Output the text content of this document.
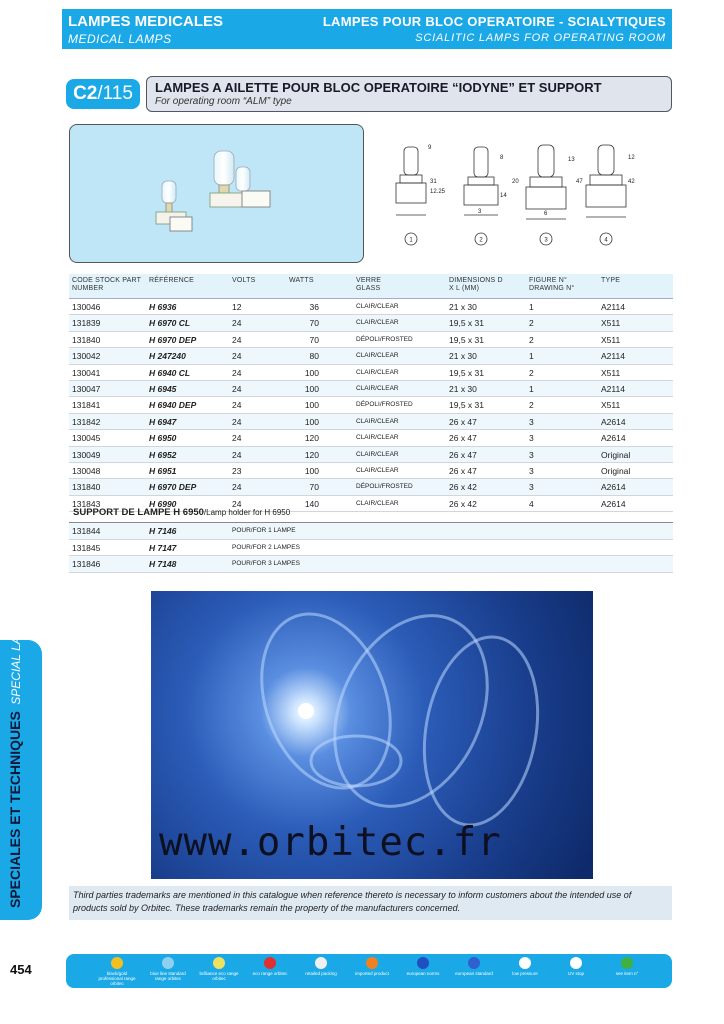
LAMPES MEDICALES
MEDICAL LAMPS
LAMPES POUR BLOC OPERATOIRE - SCIALYTIQUES
SCIALITIC LAMPS FOR OPERATING ROOM
C2/115	LAMPES A AILETTE POUR BLOC OPERATOIRE “IODYNE” ET SUPPORT
For operating room “ALM” type
1	2	3	4
9
31
12.25
8
14
3
20
13
47
12
42
6
CODE STOCK PART NUMBER
RÉFÉRENCE	VOLTS	WATTS	VERRE GLASS
DIMENSIONS D X L (MM)
FIGURE N° DRAWING N°
TYPE
130046	H 6936	12	36	CLAIR/CLEAR	21 x 30	1	A2114
131839	H 6970 CL	24	70	CLAIR/CLEAR	19,5 x 31	2	X511
131840	H 6970 DEP	24	70	DÉPOLI/FROSTED	19,5 x 31	2	X511
130042	H 247240	24	80	CLAIR/CLEAR	21 x 30	1	A2114
130041	H 6940 CL	24	100	CLAIR/CLEAR	19,5 x 31	2	X511
130047	H 6945	24	100	CLAIR/CLEAR	21 x 30	1	A2114
131841	H 6940 DEP	24	100	DÉPOLI/FROSTED	19,5 x 31	2	X511
131842	H 6947	24	100	CLAIR/CLEAR	26 x 47	3	A2614
130045	H 6950	24	120	CLAIR/CLEAR	26 x 47	3	A2614
130049	H 6952	24	120	CLAIR/CLEAR	26 x 47	3	Original
130048	H 6951	23	100	CLAIR/CLEAR	26 x 47	3	Original
131840	H 6970 DEP	24	70	DÉPOLI/FROSTED	26 x 42	3	A2614
131843	H 6990	24	140	CLAIR/CLEAR	26 x 42	4	A2614
SUPPORT DE LAMPE H 6950/Lamp holder for H 6950
131844	H 7146	POUR/FOR 1 LAMPE
131845	H 7147	POUR/FOR 2 LAMPES
131846	H 7148	POUR/FOR 3 LAMPES
www.orbitec.fr
Third parties trademarks are mentioned in this catalogue when reference thereto is necessary to inform customers about the intended use of products sold by Orbitec. These trademarks remain the property of the manufacturers concerned.
SPECIALES ET TECHNIQUES SPECIAL LAMPS
454	black/gold professional range orbitec
blue line standard range orbitec
brilliance eco range orbitec
eco range orbitec	retailed packing	imported product	european norms	european standard	low pressure	UV stop	see item n°
